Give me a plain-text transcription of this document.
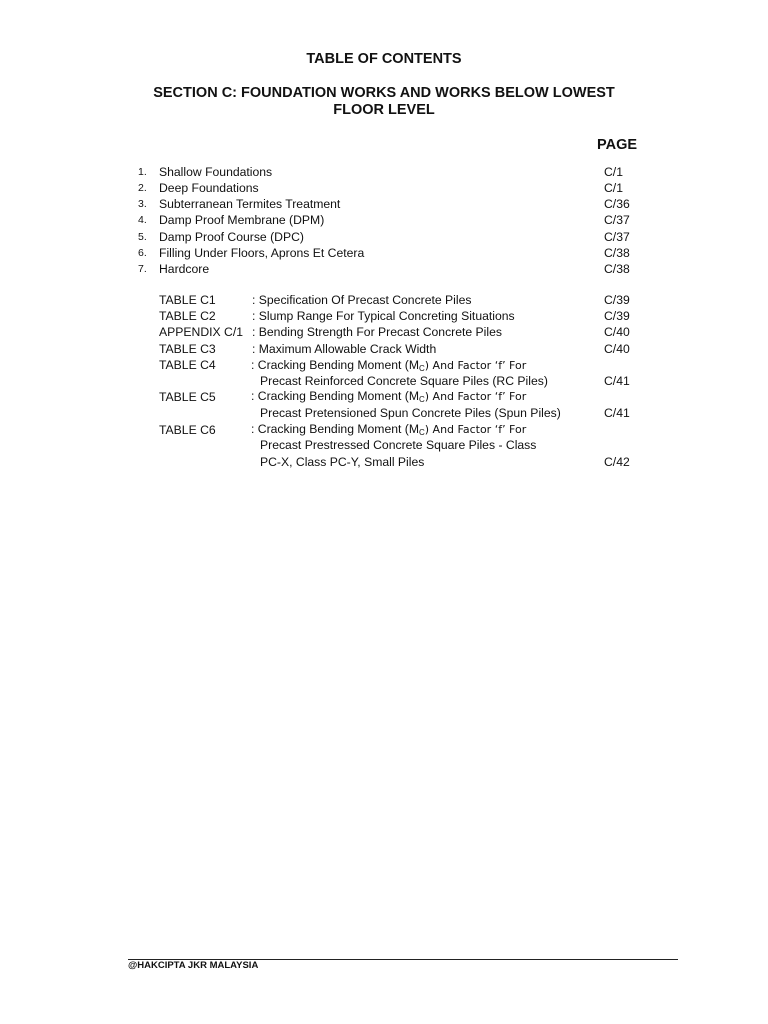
TABLE OF CONTENTS
SECTION C: FOUNDATION WORKS AND WORKS BELOW LOWEST
FLOOR LEVEL
PAGE
1. Shallow Foundations	C/1
2. Deep Foundations	C/1
3. Subterranean Termites Treatment	C/36
4. Damp Proof Membrane (DPM)	C/37
5. Damp Proof Course (DPC)	C/37
6. Filling Under Floors, Aprons Et Cetera	C/38
7. Hardcore	C/38
TABLE C1	: Specification Of Precast Concrete Piles	C/39
TABLE C2	: Slump Range For Typical Concreting Situations	C/39
APPENDIX C/1 : Bending Strength For Precast Concrete Piles	C/40
TABLE C3	: Maximum Allowable Crack Width	C/40
TABLE C4	: Cracking Bending Moment $(M_C)$ And Factor ‘f’ For
Precast Reinforced Concrete Square Piles (RC Piles)	C/41
TABLE C5	: Cracking Bending Moment $(M_C)$ And Factor ‘f’ For
Precast Pretensioned Spun Concrete Piles (Spun Piles)	C/41
TABLE C6	: Cracking Bending Moment $(M_C)$ And Factor ‘f’ For
Precast Prestressed Concrete Square Piles - Class
PC-X, Class PC-Y, Small Piles	C/42
@HAKCIPTA JKR MALAYSIA
